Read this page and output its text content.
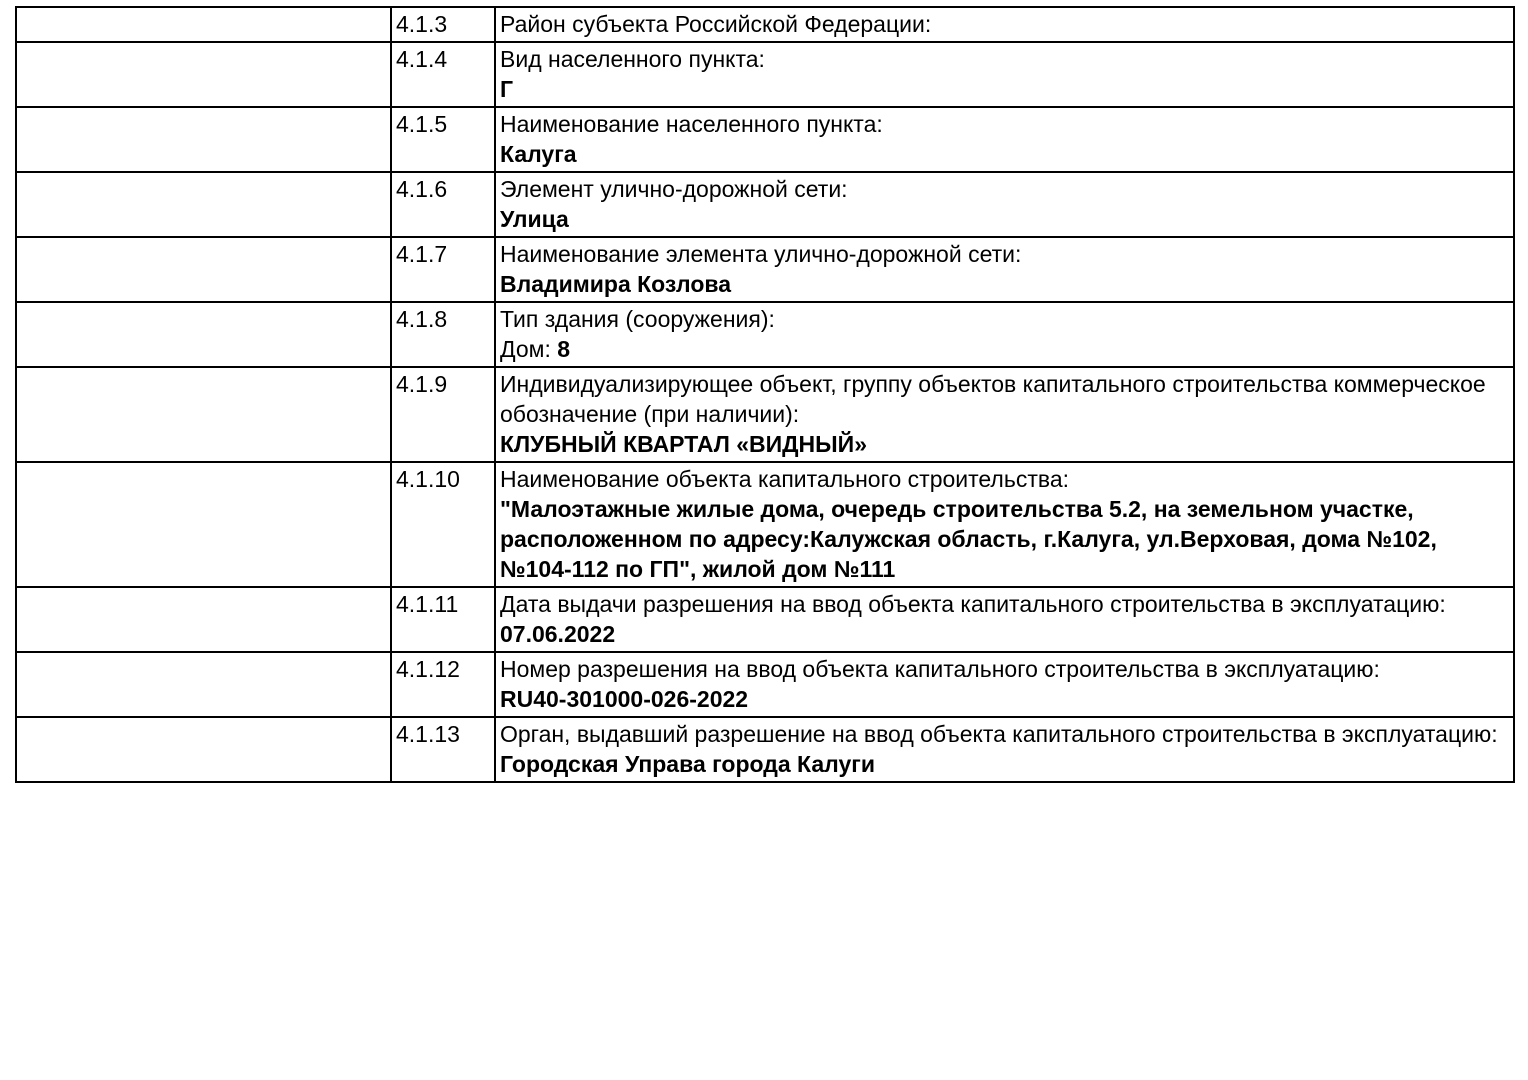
	4.1.3	Район субъекта Российской Федерации:

	4.1.4	Вид населенного пункта:
Г

	4.1.5	Наименование населенного пункта:
Калуга

	4.1.6	Элемент улично-дорожной сети:
Улица

	4.1.7	Наименование элемента улично-дорожной сети:
Владимира Козлова

	4.1.8	Тип здания (сооружения):
Дом: 8

	4.1.9	Индивидуализирующее объект, группу объектов капитального строительства коммерческое обозначение (при наличии):
КЛУБНЫЙ КВАРТАЛ «ВИДНЫЙ»

	4.1.10	Наименование объекта капитального строительства:
"Малоэтажные жилые дома, очередь строительства 5.2, на земельном участке, расположенном по адресу:Калужская область, г.Калуга, ул.Верховая, дома №102, №104-112 по ГП", жилой дом №111

	4.1.11	Дата выдачи разрешения на ввод объекта капитального строительства в эксплуатацию:
07.06.2022

	4.1.12	Номер разрешения на ввод объекта капитального строительства в эксплуатацию:
RU40-301000-026-2022

	4.1.13	Орган, выдавший разрешение на ввод объекта капитального строительства в эксплуатацию:
Городская Управа города Калуги
